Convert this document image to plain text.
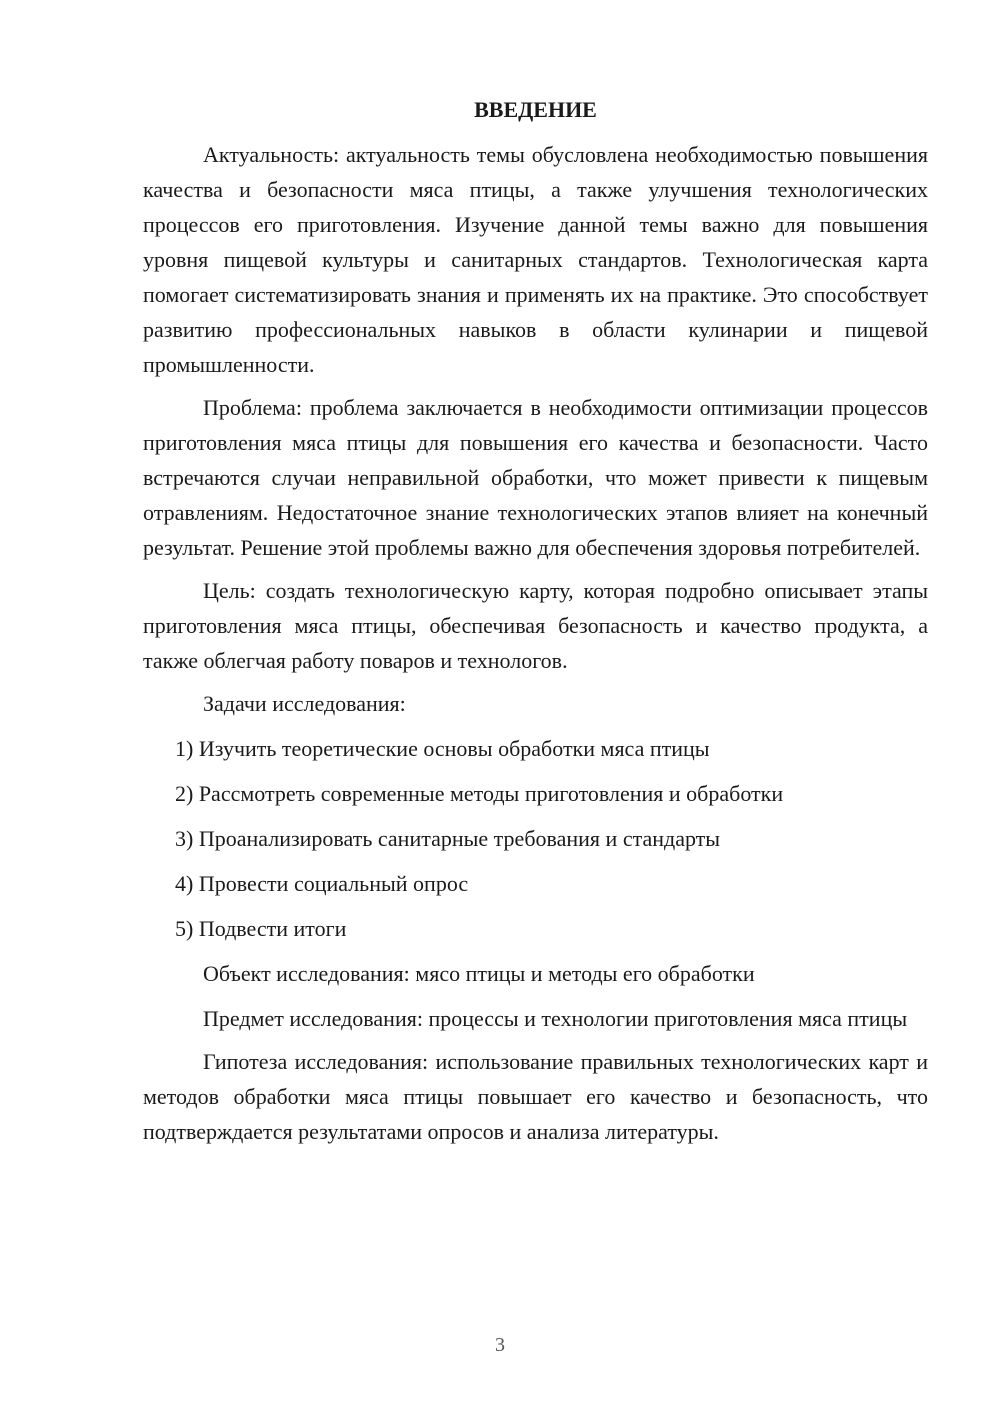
ВВЕДЕНИЕ

Актуальность: актуальность темы обусловлена необходимостью повышения качества и безопасности мяса птицы, а также улучшения технологических процессов его приготовления. Изучение данной темы важно для повышения уровня пищевой культуры и санитарных стандартов. Технологическая карта помогает систематизировать знания и применять их на практике. Это способствует развитию профессиональных навыков в области кулинарии и пищевой промышленности.

Проблема: проблема заключается в необходимости оптимизации процессов приготовления мяса птицы для повышения его качества и безопасности. Часто встречаются случаи неправильной обработки, что может привести к пищевым отравлениям. Недостаточное знание технологических этапов влияет на конечный результат. Решение этой проблемы важно для обеспечения здоровья потребителей.

Цель: создать технологическую карту, которая подробно описывает этапы приготовления мяса птицы, обеспечивая безопасность и качество продукта, а также облегчая работу поваров и технологов.

Задачи исследования:
1) Изучить теоретические основы обработки мяса птицы
2) Рассмотреть современные методы приготовления и обработки
3) Проанализировать санитарные требования и стандарты
4) Провести социальный опрос
5) Подвести итоги
Объект исследования: мясо птицы и методы его обработки

Предмет исследования: процессы и технологии приготовления мяса птицы

Гипотеза исследования: использование правильных технологических карт и методов обработки мяса птицы повышает его качество и безопасность, что подтверждается результатами опросов и анализа литературы.

3
